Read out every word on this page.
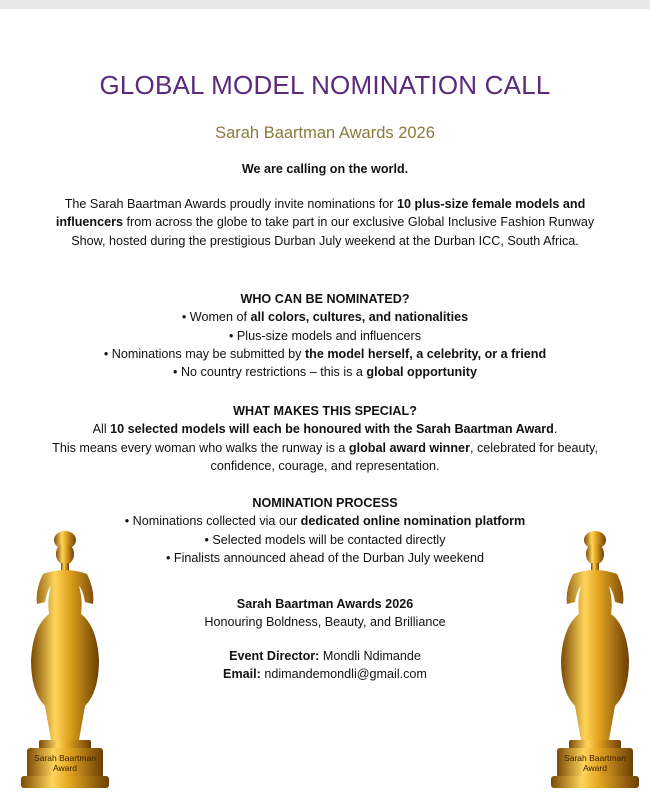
GLOBAL MODEL NOMINATION CALL
Sarah Baartman Awards 2026
We are calling on the world.
The Sarah Baartman Awards proudly invite nominations for 10 plus-size female models and influencers from across the globe to take part in our exclusive Global Inclusive Fashion Runway Show, hosted during the prestigious Durban July weekend at the Durban ICC, South Africa.
WHO CAN BE NOMINATED?
• Women of all colors, cultures, and nationalities
• Plus-size models and influencers
• Nominations may be submitted by the model herself, a celebrity, or a friend
• No country restrictions – this is a global opportunity
WHAT MAKES THIS SPECIAL?
All 10 selected models will each be honoured with the Sarah Baartman Award.
This means every woman who walks the runway is a global award winner, celebrated for beauty, confidence, courage, and representation.
NOMINATION PROCESS
• Nominations collected via our dedicated online nomination platform
• Selected models will be contacted directly
• Finalists announced ahead of the Durban July weekend
Sarah Baartman Awards 2026
Honouring Boldness, Beauty, and Brilliance
Event Director: Mondli Ndimande
Email: ndimandemondli@gmail.com
Sarah Baartman
Award
Sarah Baartman
Award
